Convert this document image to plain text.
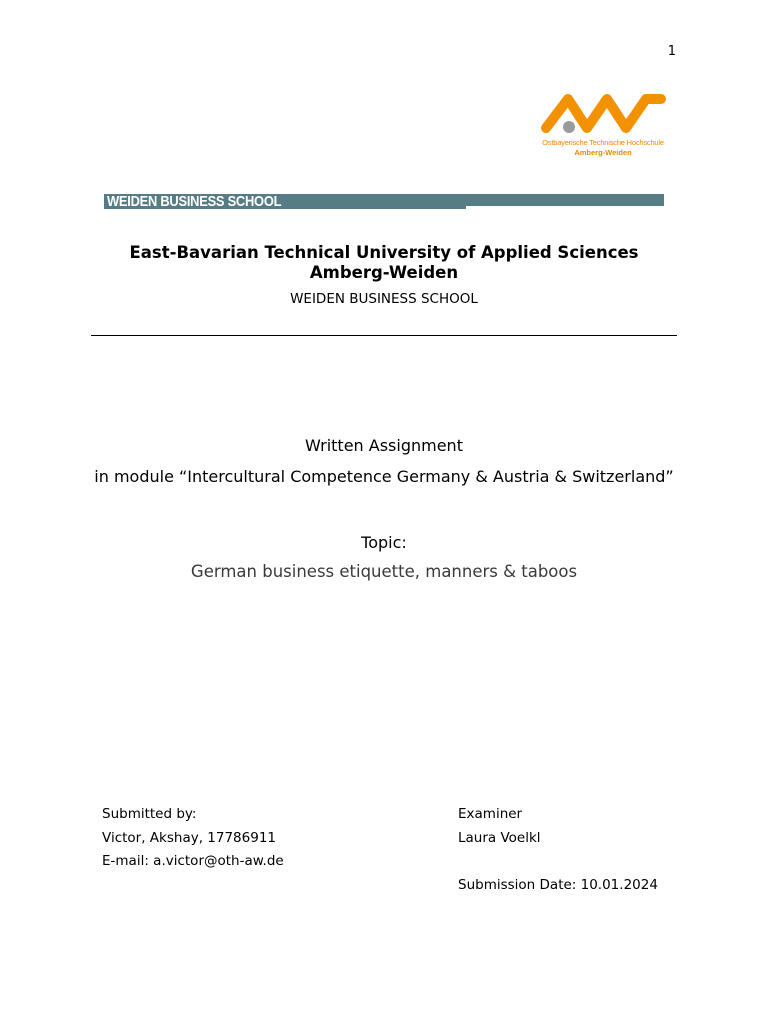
1
Ostbayerische Technische Hochschule
Amberg-Weiden
WEIDEN BUSINESS SCHOOL
East-Bavarian Technical University of Applied Sciences
Amberg-Weiden
WEIDEN BUSINESS SCHOOL
Written Assignment
in module “Intercultural Competence Germany & Austria & Switzerland”
Topic:
German business etiquette, manners & taboos
Submitted by:
Victor, Akshay, 17786911
E-mail: a.victor@oth-aw.de
Examiner
Laura Voelkl
Submission Date: 10.01.2024
